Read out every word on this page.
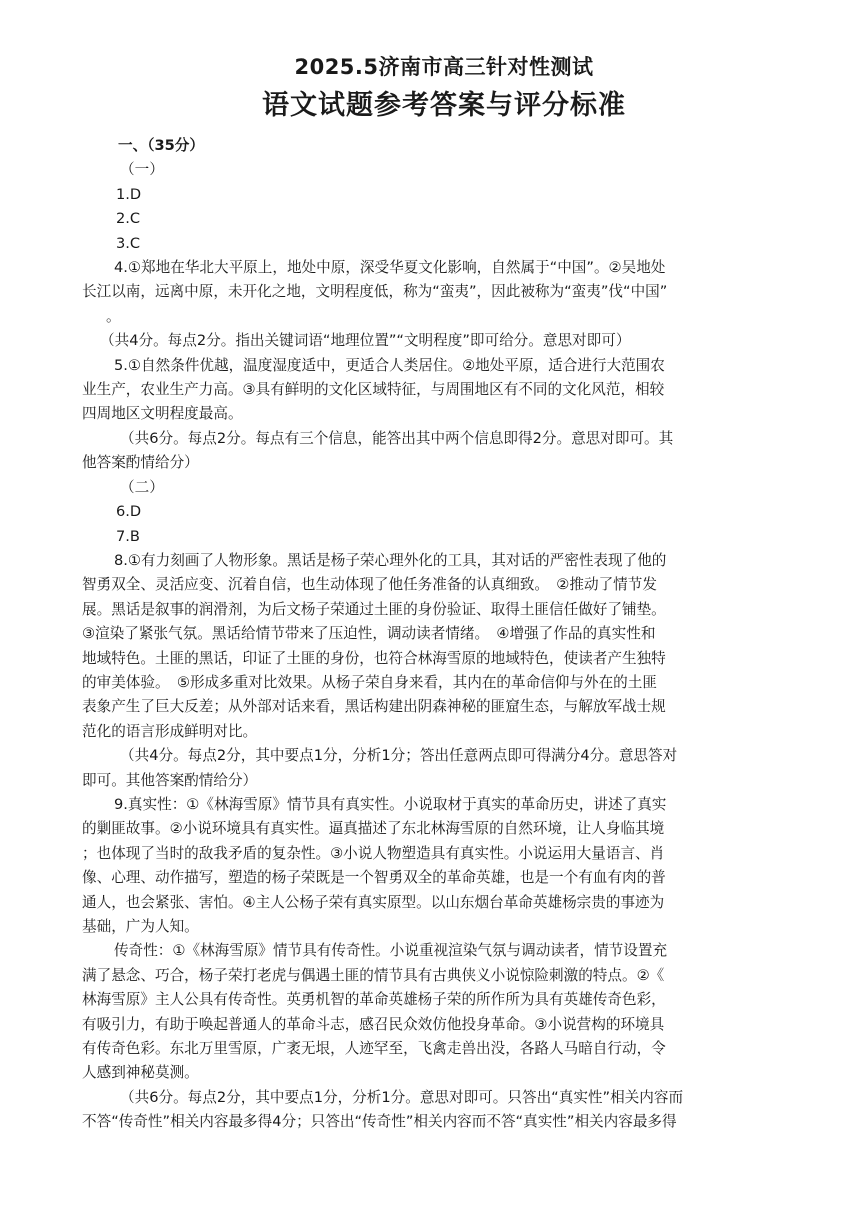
2025.5济南市高三针对性测试
语文试题参考答案与评分标准
一、（35分）
（一）
1.D
2.C
3.C
4.①郑地在华北大平原上，地处中原，深受华夏文化影响，自然属于“中国”。②吴地处
长江以南，远离中原，未开化之地，文明程度低，称为“蛮夷”，因此被称为“蛮夷”伐“中国”
。
（共4分。每点2分。指出关键词语“地理位置”“文明程度”即可给分。意思对即可）
5.①自然条件优越，温度湿度适中，更适合人类居住。②地处平原，适合进行大范围农
业生产，农业生产力高。③具有鲜明的文化区域特征，与周围地区有不同的文化风范，相较
四周地区文明程度最高。
（共6分。每点2分。每点有三个信息，能答出其中两个信息即得2分。意思对即可。其
他答案酌情给分）
（二）
6.D
7.B
8.①有力刻画了人物形象。黑话是杨子荣心理外化的工具，其对话的严密性表现了他的
智勇双全、灵活应变、沉着自信，也生动体现了他任务准备的认真细致。　②推动了情节发
展。黑话是叙事的润滑剂，为后文杨子荣通过土匪的身份验证、取得土匪信任做好了铺垫。
③渲染了紧张气氛。黑话给情节带来了压迫性，调动读者情绪。　④增强了作品的真实性和
地域特色。土匪的黑话，印证了土匪的身份，也符合林海雪原的地域特色，使读者产生独特
的审美体验。　⑤形成多重对比效果。从杨子荣自身来看，其内在的革命信仰与外在的土匪
表象产生了巨大反差；从外部对话来看，黑话构建出阴森神秘的匪窟生态，与解放军战士规
范化的语言形成鲜明对比。
（共4分。每点2分，其中要点1分，分析1分；答出任意两点即可得满分4分。意思答对
即可。其他答案酌情给分）
9.真实性：①《林海雪原》情节具有真实性。小说取材于真实的革命历史，讲述了真实
的剿匪故事。②小说环境具有真实性。逼真描述了东北林海雪原的自然环境，让人身临其境
；也体现了当时的敌我矛盾的复杂性。③小说人物塑造具有真实性。小说运用大量语言、肖
像、心理、动作描写，塑造的杨子荣既是一个智勇双全的革命英雄，也是一个有血有肉的普
通人，也会紧张、害怕。④主人公杨子荣有真实原型。以山东烟台革命英雄杨宗贵的事迹为
基础，广为人知。
传奇性：①《林海雪原》情节具有传奇性。小说重视渲染气氛与调动读者，情节设置充
满了悬念、巧合，杨子荣打老虎与偶遇土匪的情节具有古典侠义小说惊险刺激的特点。②《
林海雪原》主人公具有传奇性。英勇机智的革命英雄杨子荣的所作所为具有英雄传奇色彩，
有吸引力，有助于唤起普通人的革命斗志，感召民众效仿他投身革命。③小说营构的环境具
有传奇色彩。东北万里雪原，广袤无垠，人迹罕至，飞禽走兽出没，各路人马暗自行动，令
人感到神秘莫测。
（共6分。每点2分，其中要点1分，分析1分。意思对即可。只答出“真实性”相关内容而
不答“传奇性”相关内容最多得4分；只答出“传奇性”相关内容而不答“真实性”相关内容最多得
